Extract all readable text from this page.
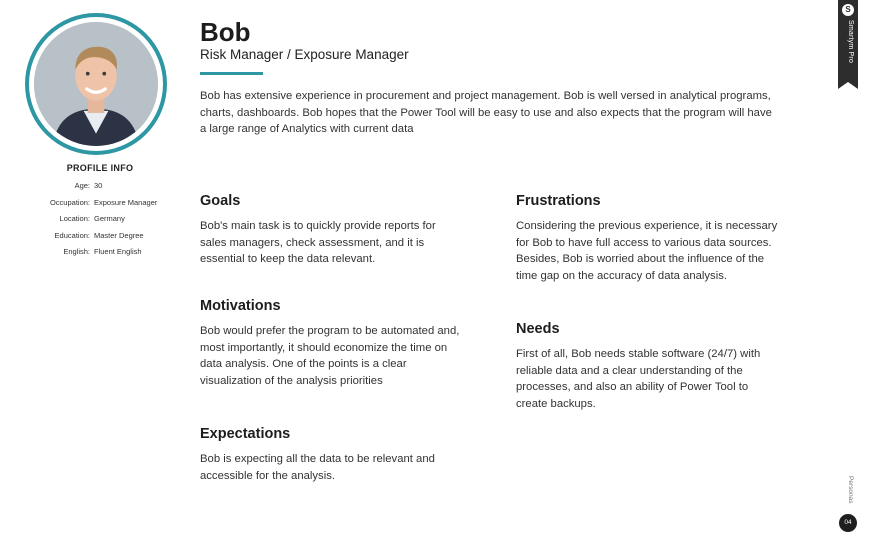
PROFILE INFO
Age: 30
Occupation: Exposure Manager
Location: Germany
Education: Master Degree
English: Fluent English
Bob
Risk Manager / Exposure Manager
Bob has extensive experience in procurement and project management. Bob is well versed in analytical programs, charts, dashboards. Bob hopes that the Power Tool will be easy to use and also expects that the program will have a large range of Analytics with current data
Goals

Bob's main task is to quickly provide reports for sales managers, check assessment, and it is essential to keep the data relevant.

Motivations

Bob would prefer the program to be automated and, most importantly, it should economize the time on data analysis. One of the points is a clear visualization of the analysis priorities

Expectations

Bob is expecting all the data to be relevant and accessible for the analysis.

Frustrations

Considering the previous experience, it is necessary for Bob to have full access to various data sources. Besides, Bob is worried about the influence of the time gap on the accuracy of data analysis.

Needs

First of all, Bob needs stable software (24/7) with reliable data and a clear understanding of the processes, and also an ability of Power Tool to create backups.

S
Smartym Pro
Personas
04
